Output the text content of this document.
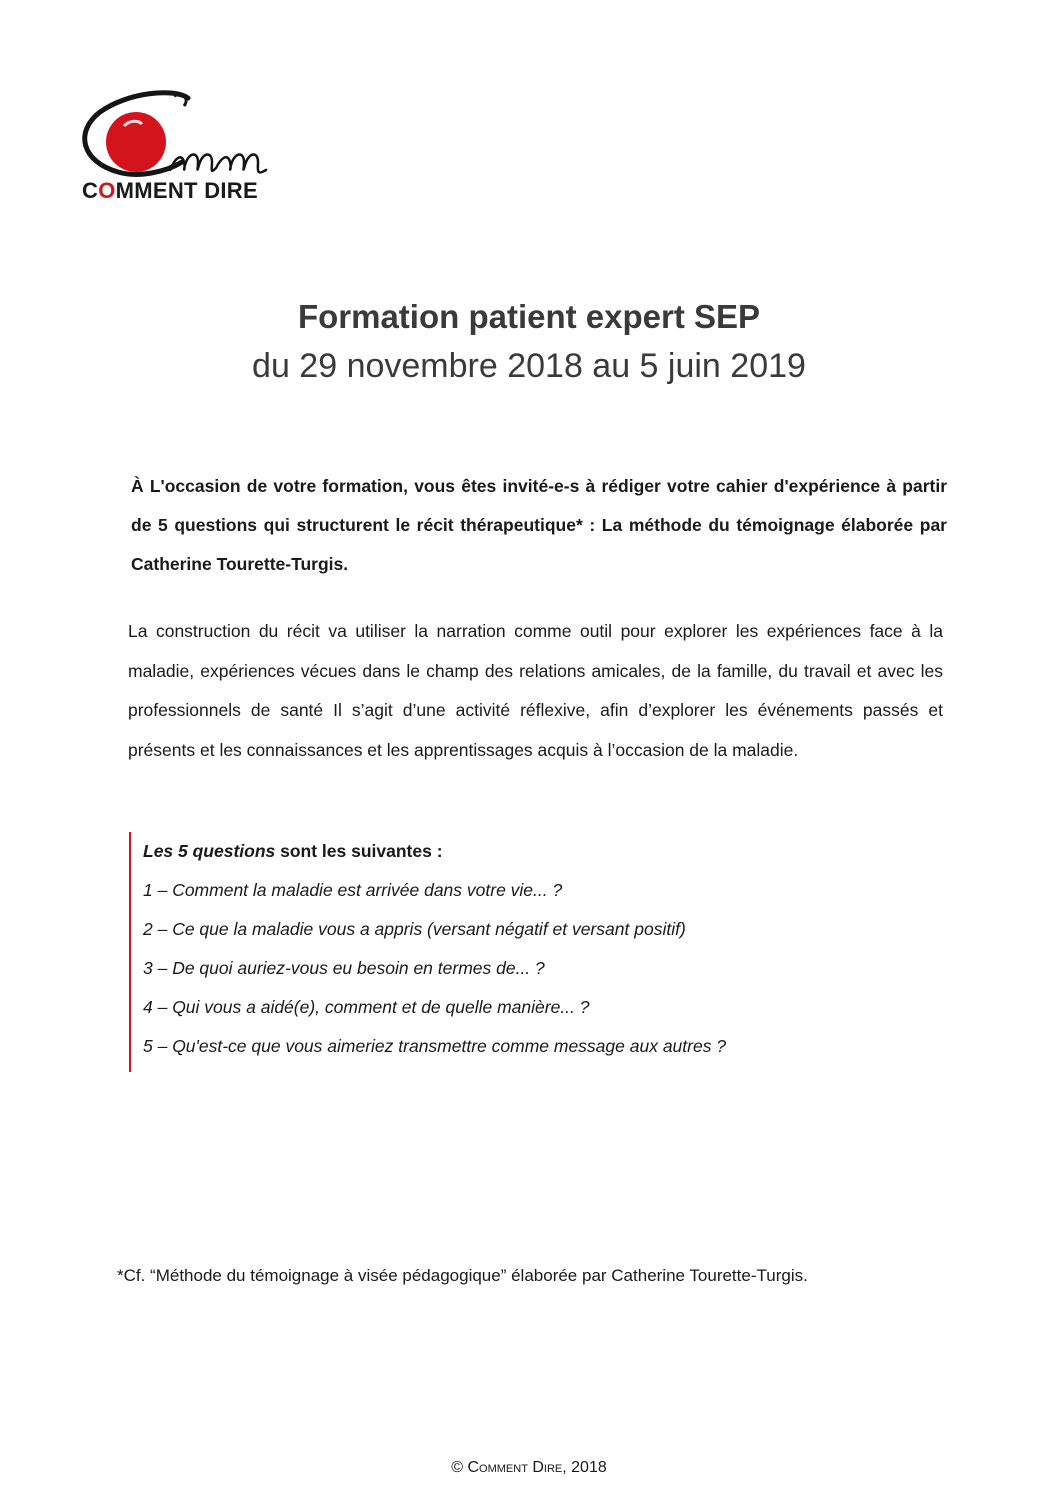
COMMENT DIRE
Formation patient expert SEP
du 29 novembre 2018 au 5 juin 2019
À L'occasion de votre formation, vous êtes invité-e-s à rédiger votre cahier d'expérience à partir de 5 questions qui structurent le récit thérapeutique* : La méthode du témoignage élaborée par Catherine Tourette-Turgis.
La construction du récit va utiliser la narration comme outil pour explorer les expériences face à la maladie, expériences vécues dans le champ des relations amicales, de la famille, du travail et avec les professionnels de santé Il s’agit d’une activité réflexive, afin d’explorer les événements passés et présents et les connaissances et les apprentissages acquis à l’occasion de la maladie.
Les 5 questions sont les suivantes :
1 – Comment la maladie est arrivée dans votre vie... ?
2 – Ce que la maladie vous a appris (versant négatif et versant positif)
3 – De quoi auriez-vous eu besoin en termes de... ?
4 – Qui vous a aidé(e), comment et de quelle manière... ?
5 – Qu'est-ce que vous aimeriez transmettre comme message aux autres ?
*Cf. “Méthode du témoignage à visée pédagogique” élaborée par Catherine Tourette-Turgis.
© Comment Dire, 2018
